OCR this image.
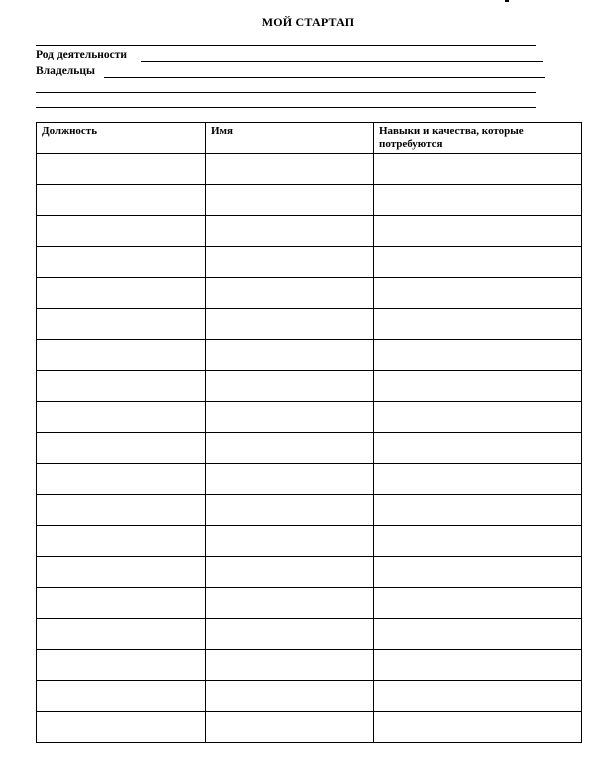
МОЙ СТАРТАП
Род деятельности
Владельцы
Должность	Имя	Навыки и качества, которые потребуются
